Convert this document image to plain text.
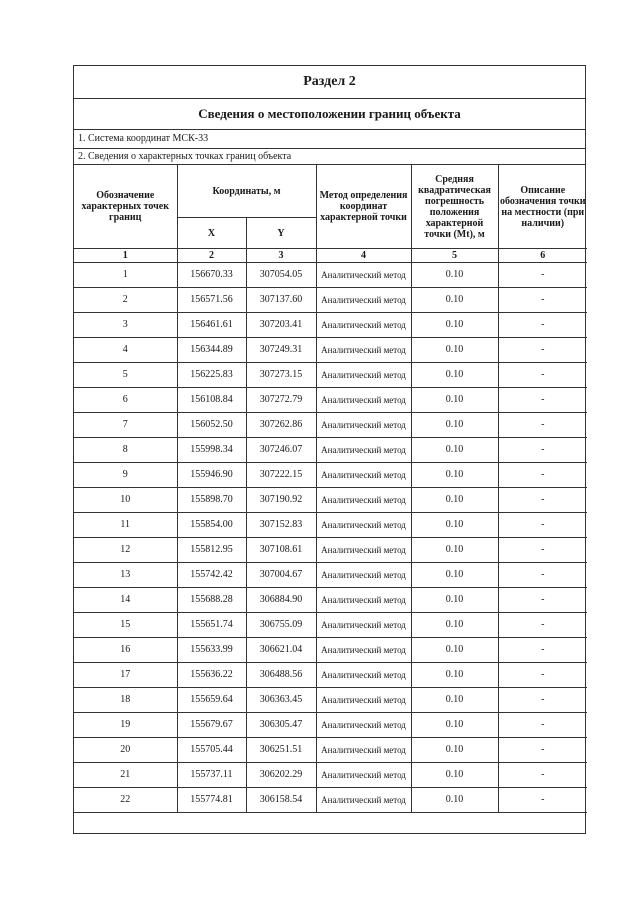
Раздел 2
Сведения о местоположении границ объекта
1. Система координат МСК-33
2. Сведения о характерных точках границ объекта
Обозначение характерных точек границ	Координаты, м		Метод определения координат характерной точки	Средняя квадратическая погрешность положения характерной точки (Mt), м	Описание обозначения точки на местности (при наличии)
	X	Y			
1	2	3	4	5	6
1	156670.33	307054.05	Аналитический метод	0.10	-
2	156571.56	307137.60	Аналитический метод	0.10	-
3	156461.61	307203.41	Аналитический метод	0.10	-
4	156344.89	307249.31	Аналитический метод	0.10	-
5	156225.83	307273.15	Аналитический метод	0.10	-
6	156108.84	307272.79	Аналитический метод	0.10	-
7	156052.50	307262.86	Аналитический метод	0.10	-
8	155998.34	307246.07	Аналитический метод	0.10	-
9	155946.90	307222.15	Аналитический метод	0.10	-
10	155898.70	307190.92	Аналитический метод	0.10	-
11	155854.00	307152.83	Аналитический метод	0.10	-
12	155812.95	307108.61	Аналитический метод	0.10	-
13	155742.42	307004.67	Аналитический метод	0.10	-
14	155688.28	306884.90	Аналитический метод	0.10	-
15	155651.74	306755.09	Аналитический метод	0.10	-
16	155633.99	306621.04	Аналитический метод	0.10	-
17	155636.22	306488.56	Аналитический метод	0.10	-
18	155659.64	306363.45	Аналитический метод	0.10	-
19	155679.67	306305.47	Аналитический метод	0.10	-
20	155705.44	306251.51	Аналитический метод	0.10	-
21	155737.11	306202.29	Аналитический метод	0.10	-
22	155774.81	306158.54	Аналитический метод	0.10	-
